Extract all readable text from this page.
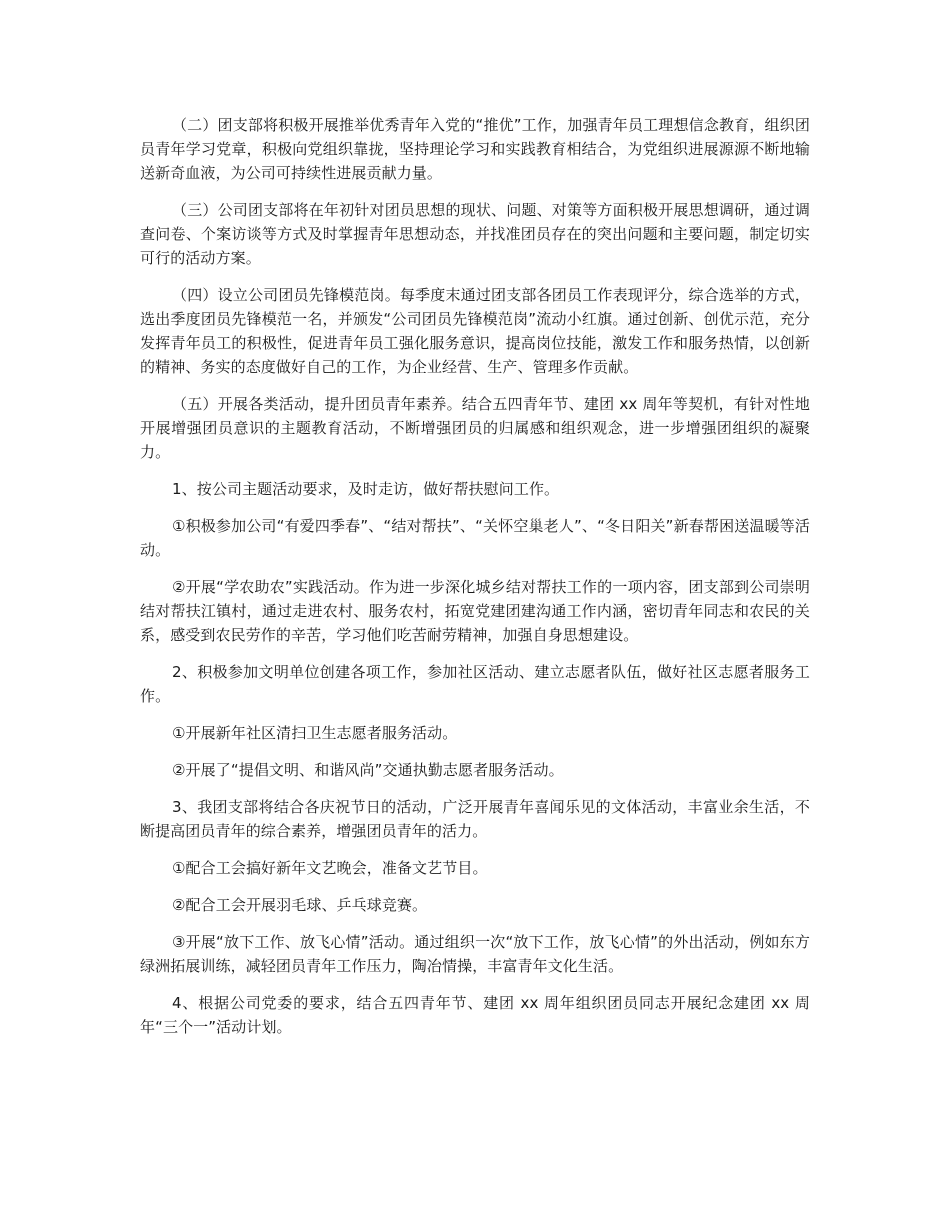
（二）团支部将积极开展推举优秀青年入党的“推优”工作，加强青年员工理想信念教育，组织团员青年学习党章，积极向党组织靠拢，坚持理论学习和实践教育相结合，为党组织进展源源不断地输送新奇血液，为公司可持续性进展贡献力量。

（三）公司团支部将在年初针对团员思想的现状、问题、对策等方面积极开展思想调研，通过调查问卷、个案访谈等方式及时掌握青年思想动态，并找准团员存在的突出问题和主要问题，制定切实可行的活动方案。

（四）设立公司团员先锋模范岗。每季度末通过团支部各团员工作表现评分，综合选举的方式，选出季度团员先锋模范一名，并颁发“公司团员先锋模范岗”流动小红旗。通过创新、创优示范，充分发挥青年员工的积极性，促进青年员工强化服务意识，提高岗位技能，激发工作和服务热情，以创新的精神、务实的态度做好自己的工作，为企业经营、生产、管理多作贡献。

（五）开展各类活动，提升团员青年素养。结合五四青年节、建团 xx 周年等契机，有针对性地开展增强团员意识的主题教育活动，不断增强团员的归属感和组织观念，进一步增强团组织的凝聚力。

1、按公司主题活动要求，及时走访，做好帮扶慰问工作。

①积极参加公司“有爱四季春”、“结对帮扶”、“关怀空巢老人”、“冬日阳关”新春帮困送温暖等活动。

②开展“学农助农”实践活动。作为进一步深化城乡结对帮扶工作的一项内容，团支部到公司崇明结对帮扶江镇村，通过走进农村、服务农村，拓宽党建团建沟通工作内涵，密切青年同志和农民的关系，感受到农民劳作的辛苦，学习他们吃苦耐劳精神，加强自身思想建设。

2、积极参加文明单位创建各项工作，参加社区活动、建立志愿者队伍，做好社区志愿者服务工作。

①开展新年社区清扫卫生志愿者服务活动。

②开展了“提倡文明、和谐风尚”交通执勤志愿者服务活动。

3、我团支部将结合各庆祝节日的活动，广泛开展青年喜闻乐见的文体活动，丰富业余生活，不断提高团员青年的综合素养，增强团员青年的活力。

①配合工会搞好新年文艺晚会，准备文艺节目。

②配合工会开展羽毛球、乒乓球竞赛。

③开展“放下工作、放飞心情”活动。通过组织一次“放下工作，放飞心情”的外出活动，例如东方绿洲拓展训练，减轻团员青年工作压力，陶冶情操，丰富青年文化生活。

4、根据公司党委的要求，结合五四青年节、建团 xx 周年组织团员同志开展纪念建团 xx 周年“三个一”活动计划。
